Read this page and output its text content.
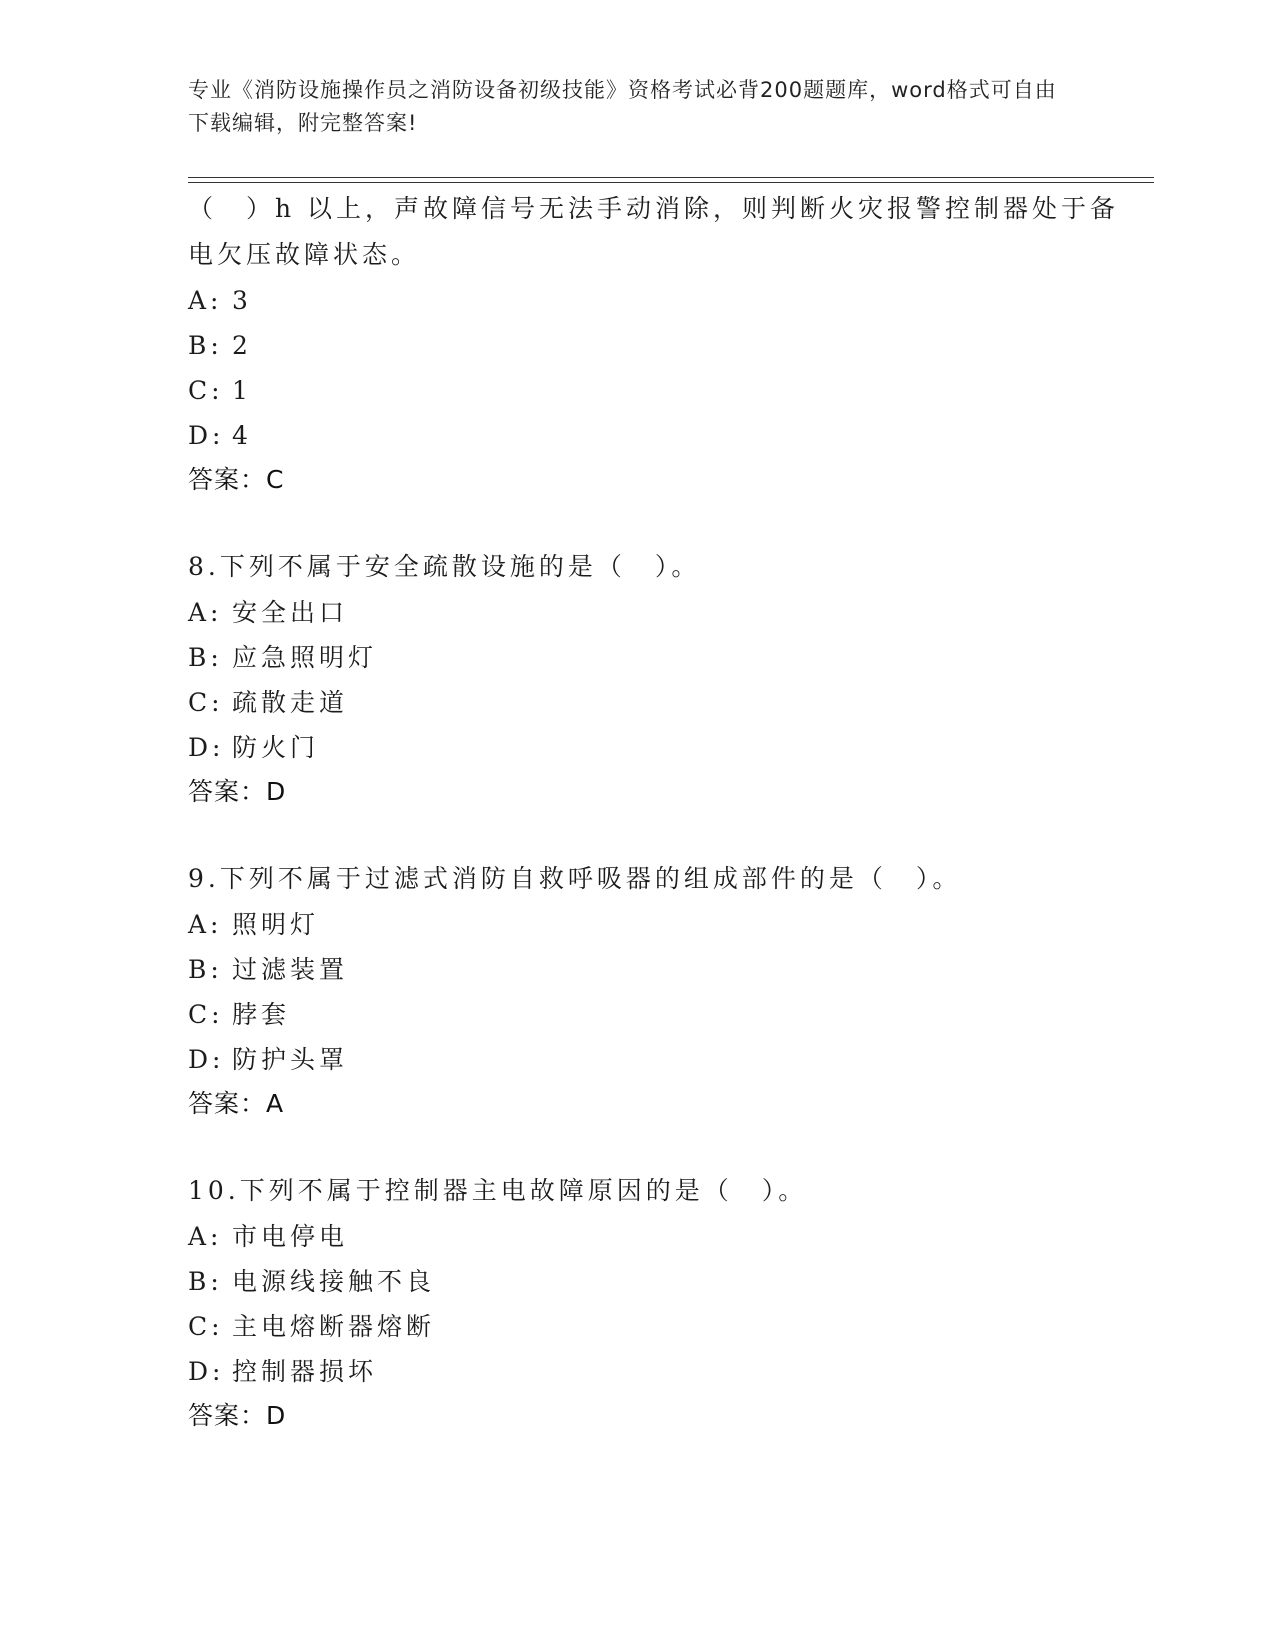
专业《消防设施操作员之消防设备初级技能》资格考试必背200题题库，word格式可自由下载编辑，附完整答案!
（　）h 以上，声故障信号无法手动消除，则判断火灾报警控制器处于备电欠压故障状态。
A: 3
B: 2
C: 1
D: 4
答案：C
8.下列不属于安全疏散设施的是（　）。
A: 安全出口
B: 应急照明灯
C: 疏散走道
D: 防火门
答案：D
9.下列不属于过滤式消防自救呼吸器的组成部件的是（　）。
A: 照明灯
B: 过滤装置
C: 脖套
D: 防护头罩
答案：A
10.下列不属于控制器主电故障原因的是（　）。
A: 市电停电
B: 电源线接触不良
C: 主电熔断器熔断
D: 控制器损坏
答案：D
